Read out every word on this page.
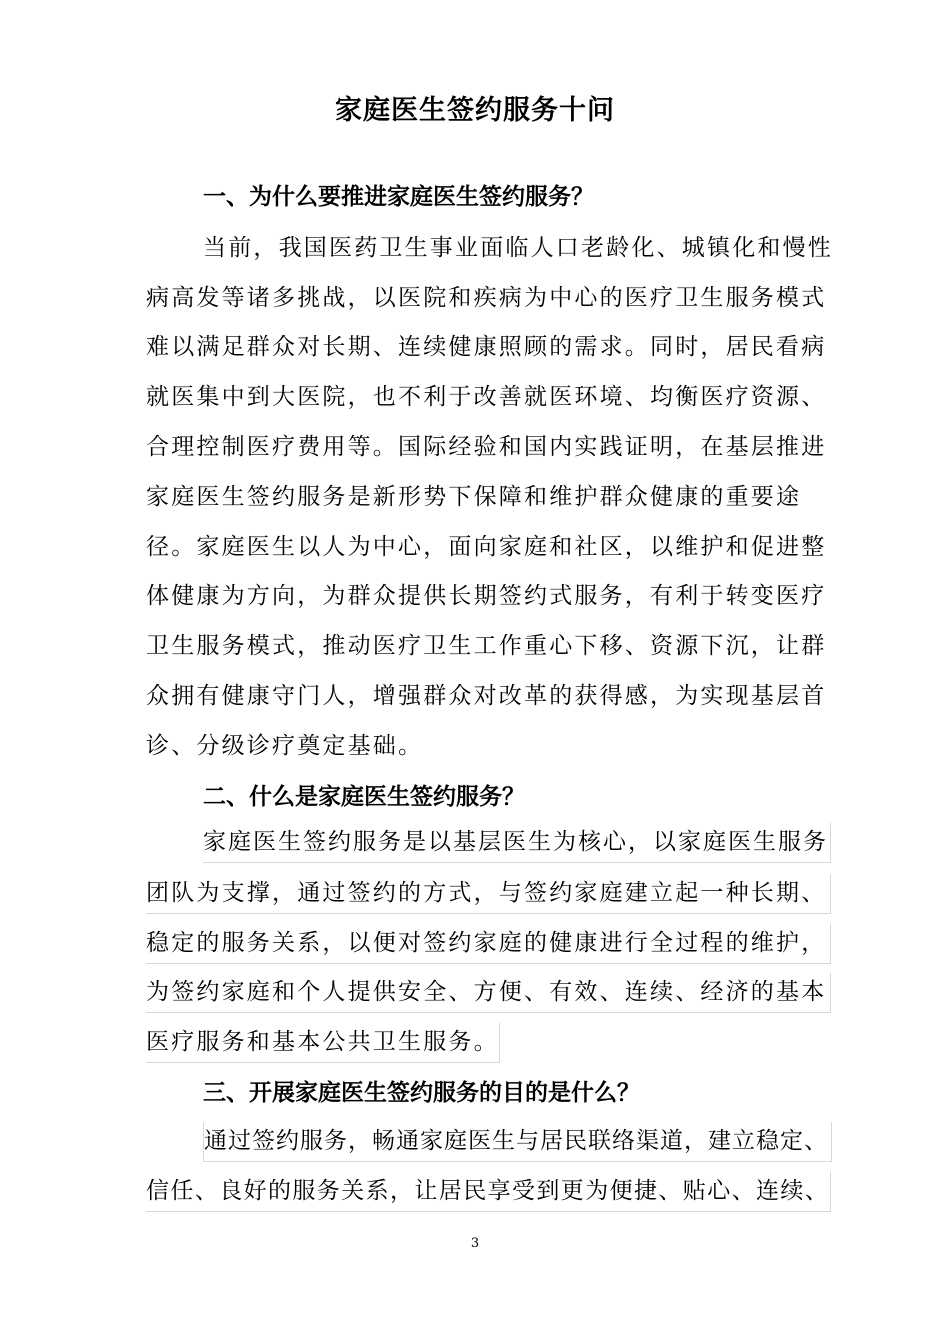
家庭医生签约服务十问
一、为什么要推进家庭医生签约服务？
当前，我国医药卫生事业面临人口老龄化、城镇化和慢性
病高发等诸多挑战，以医院和疾病为中心的医疗卫生服务模式
难以满足群众对长期、连续健康照顾的需求。同时，居民看病
就医集中到大医院，也不利于改善就医环境、均衡医疗资源、
合理控制医疗费用等。国际经验和国内实践证明，在基层推进
家庭医生签约服务是新形势下保障和维护群众健康的重要途
径。家庭医生以人为中心，面向家庭和社区，以维护和促进整
体健康为方向，为群众提供长期签约式服务，有利于转变医疗
卫生服务模式，推动医疗卫生工作重心下移、资源下沉，让群
众拥有健康守门人，增强群众对改革的获得感，为实现基层首
诊、分级诊疗奠定基础。
二、什么是家庭医生签约服务？
家庭医生签约服务是以基层医生为核心，以家庭医生服务
团队为支撑，通过签约的方式，与签约家庭建立起一种长期、
稳定的服务关系，以便对签约家庭的健康进行全过程的维护，
为签约家庭和个人提供安全、方便、有效、连续、经济的基本
医疗服务和基本公共卫生服务。
三、开展家庭医生签约服务的目的是什么？
通过签约服务，畅通家庭医生与居民联络渠道，建立稳定、
信任、良好的服务关系，让居民享受到更为便捷、贴心、连续、
3
